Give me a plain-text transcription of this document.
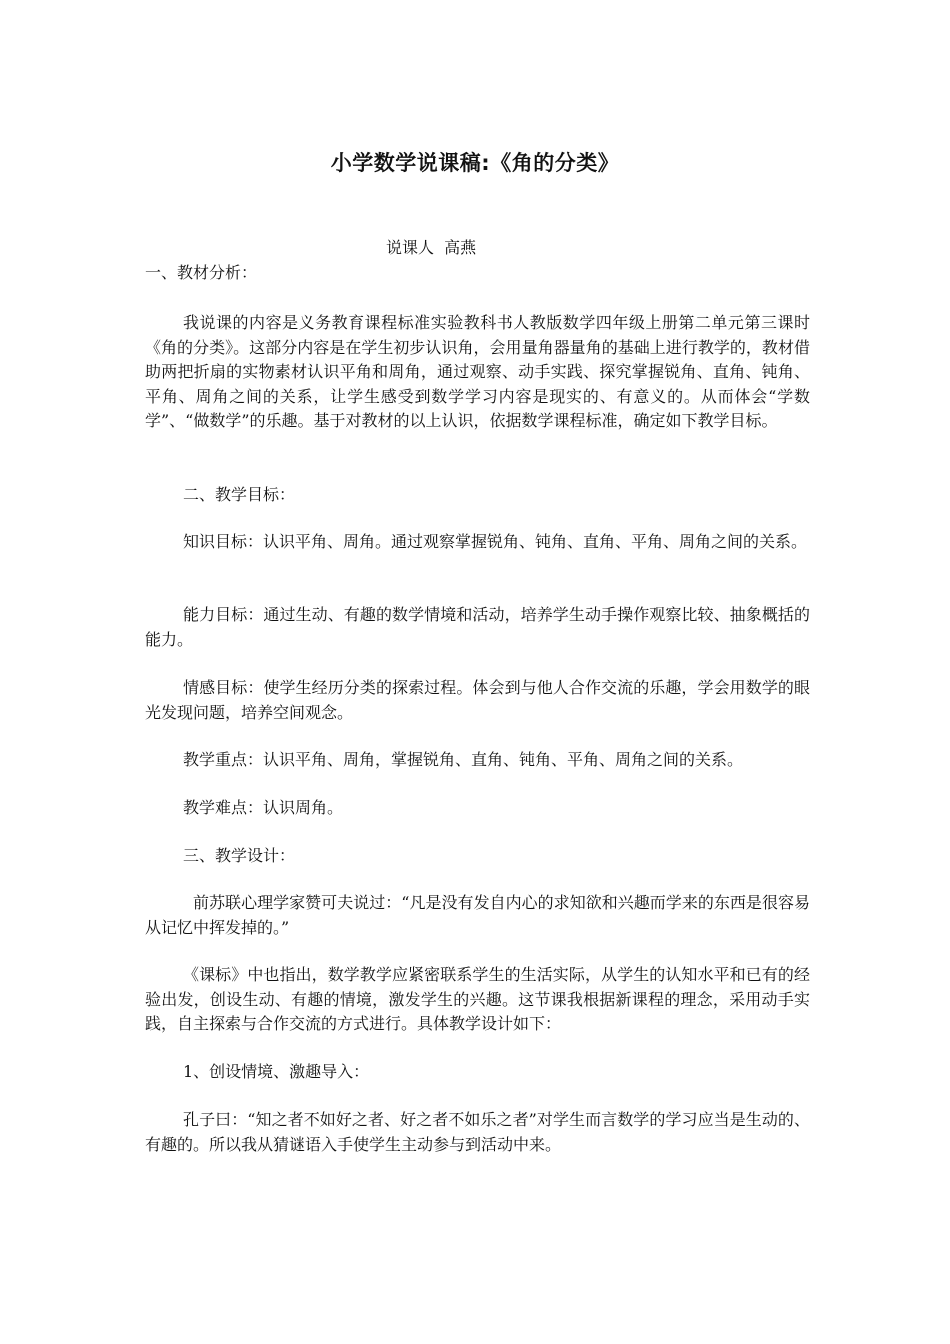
小学数学说课稿:《角的分类》
说课人  高燕
一、教材分析：
我说课的内容是义务教育课程标准实验教科书人教版数学四年级上册第二单元第三课时《角的分类》。这部分内容是在学生初步认识角，会用量角器量角的基础上进行教学的，教材借助两把折扇的实物素材认识平角和周角，通过观察、动手实践、探究掌握锐角、直角、钝角、平角、周角之间的关系，让学生感受到数学学习内容是现实的、有意义的。从而体会“学数学”、“做数学”的乐趣。基于对教材的以上认识，依据数学课程标准，确定如下教学目标。
二、教学目标：
知识目标：认识平角、周角。通过观察掌握锐角、钝角、直角、平角、周角之间的关系。
能力目标：通过生动、有趣的数学情境和活动，培养学生动手操作观察比较、抽象概括的能力。
情感目标：使学生经历分类的探索过程。体会到与他人合作交流的乐趣，学会用数学的眼光发现问题，培养空间观念。
教学重点：认识平角、周角，掌握锐角、直角、钝角、平角、周角之间的关系。
教学难点：认识周角。
三、教学设计：
前苏联心理学家赞可夫说过：“凡是没有发自内心的求知欲和兴趣而学来的东西是很容易从记忆中挥发掉的。”
《课标》中也指出，数学教学应紧密联系学生的生活实际，从学生的认知水平和已有的经验出发，创设生动、有趣的情境，激发学生的兴趣。这节课我根据新课程的理念，采用动手实践，自主探索与合作交流的方式进行。具体教学设计如下：
1、创设情境、激趣导入：
孔子曰：“知之者不如好之者、好之者不如乐之者”对学生而言数学的学习应当是生动的、有趣的。所以我从猜谜语入手使学生主动参与到活动中来。
